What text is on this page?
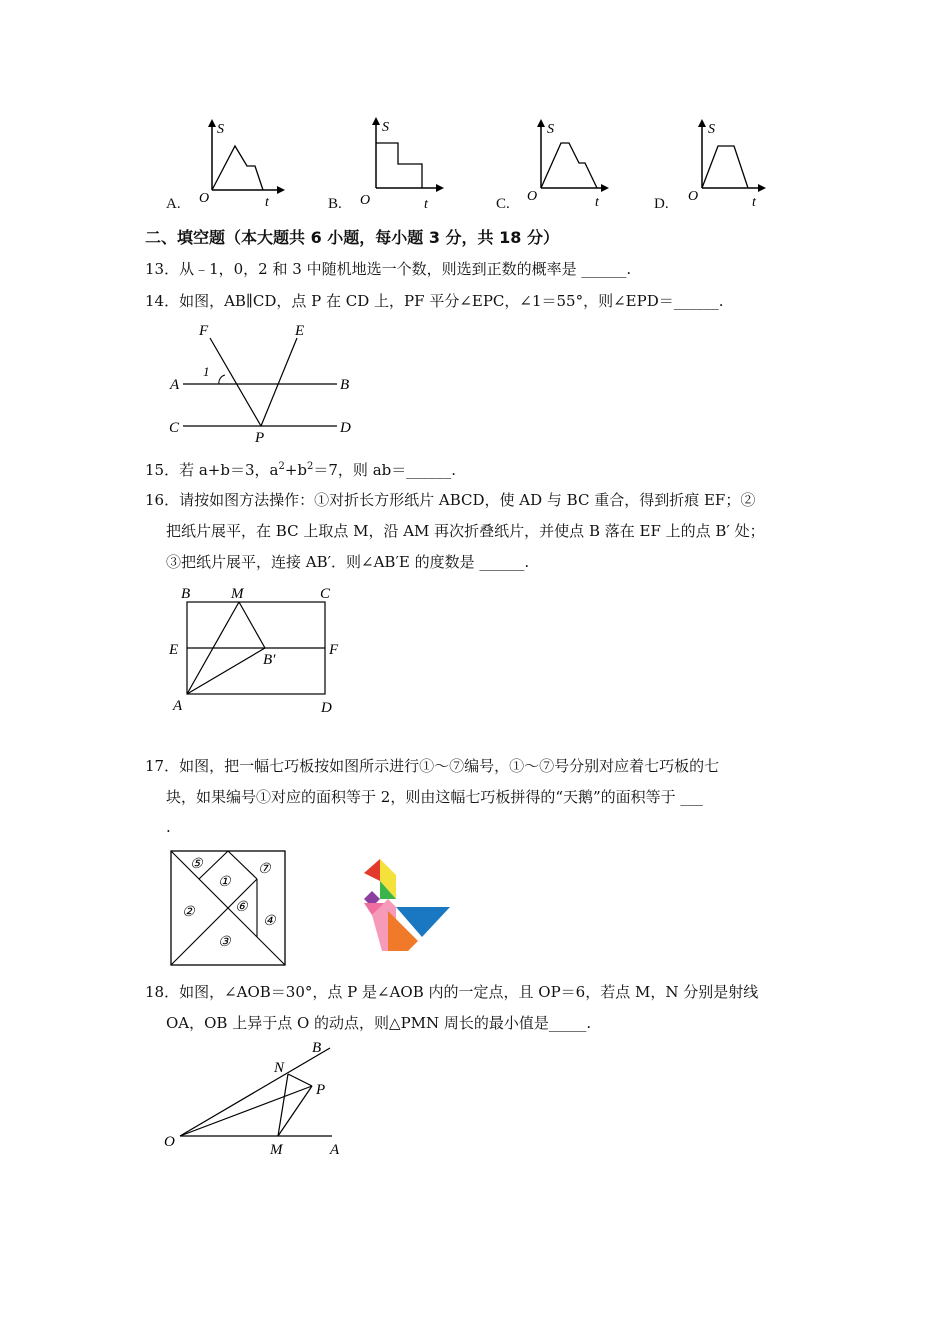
S
O	t
A.
S
O	t
B.
S
O	t
C.
S
O	t
D.
二、填空题（本大题共 6 小题，每小题 3 分，共 18 分）
13．从﹣1，0，2 和 3 中随机地选一个数，则选到正数的概率是 ______.
14．如图，AB∥CD，点 P 在 CD 上，PF 平分∠EPC，∠1＝55°，则∠EPD＝______.
F	E
A	B
1
C	D
P
15．若 a+b＝3，$a^2+b^2=7$，则 ab＝______.
16．请按如图方法操作：①对折长方形纸片 ABCD，使 AD 与 BC 重合，得到折痕 EF；②
把纸片展平，在 BC 上取点 M，沿 AM 再次折叠纸片，并使点 B 落在 EF 上的点 B′ 处；
③把纸片展平，连接 AB′．则∠AB′E 的度数是 ______.
B	M	C
E	F
B′
A	D
17．如图，把一幅七巧板按如图所示进行①～⑦编号，①～⑦号分别对应着七巧板的七
块，如果编号①对应的面积等于 2，则由这幅七巧板拼得的“天鹅”的面积等于 ___
.
⑤	⑦
①
②	⑥
④
③
18．如图，∠AOB＝30°，点 P 是∠AOB 内的一定点，且 OP＝6，若点 M，N 分别是射线
OA，OB 上异于点 O 的动点，则△PMN 周长的最小值是_____.
B
N
P
O	M	A
